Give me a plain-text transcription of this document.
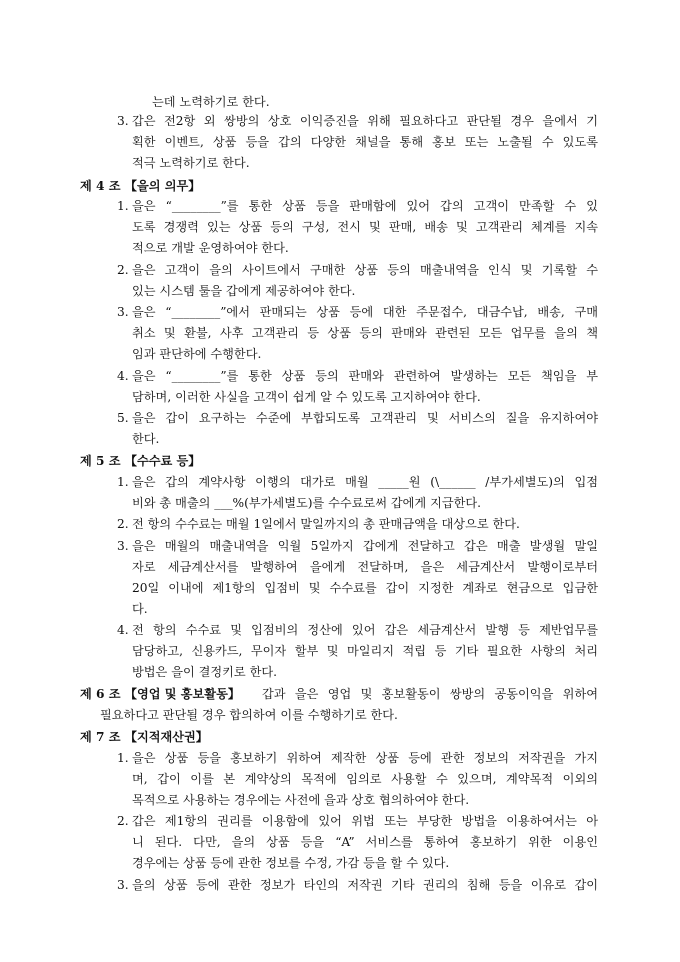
는데 노력하기로 한다.
3. 갑은 전2항 외 쌍방의 상호 이익증진을 위해 필요하다고 판단될 경우 을에서 기
획한 이벤트, 상품 등을 갑의 다양한 채널을 통해 홍보 또는 노출될 수 있도록
적극 노력하기로 한다.
제 4 조 【을의 의무】
1. 을은 “________”를 통한 상품 등을 판매함에 있어 갑의 고객이 만족할 수 있
도록 경쟁력 있는 상품 등의 구성, 전시 및 판매, 배송 및 고객관리 체계를 지속
적으로 개발 운영하여야 한다.
2. 을은 고객이 을의 사이트에서 구매한 상품 등의 매출내역을 인식 및 기록할 수
있는 시스템 툴을 갑에게 제공하여야 한다.
3. 을은 “________”에서 판매되는 상품 등에 대한 주문접수, 대금수납, 배송, 구매
취소 및 환불, 사후 고객관리 등 상품 등의 판매와 관련된 모든 업무를 을의 책
임과 판단하에 수행한다.
4. 을은 “________”를 통한 상품 등의 판매와 관련하여 발생하는 모든 책임을 부
담하며, 이러한 사실을 고객이 쉽게 알 수 있도록 고지하여야 한다.
5. 을은 갑이 요구하는 수준에 부합되도록 고객관리 및 서비스의 질을 유지하여야
한다.
제 5 조 【수수료 등】
1. 을은 갑의 계약사항 이행의 대가로 매월 _____원 (\______ /부가세별도)의 입점
비와 총 매출의 ___%(부가세별도)를 수수료로써 갑에게 지급한다.
2. 전 항의 수수료는 매월 1일에서 말일까지의 총 판매금액을 대상으로 한다.
3. 을은 매월의 매출내역을 익월 5일까지 갑에게 전달하고 갑은 매출 발생월 말일
자로 세금계산서를 발행하여 을에게 전달하며, 을은 세금계산서 발행이로부터
20일 이내에 제1항의 입점비 및 수수료를 갑이 지정한 계좌로 현금으로 입금한
다.
4. 전 항의 수수료 및 입점비의 정산에 있어 갑은 세금계산서 발행 등 제반업무를
담당하고, 신용카드, 무이자 할부 및 마일리지 적립 등 기타 필요한 사항의 처리
방법은 을이 결정키로 한다.
제 6 조 【영업 및 홍보활동】 갑과 을은 영업 및 홍보활동이 쌍방의 공동이익을 위하여
필요하다고 판단될 경우 합의하여 이를 수행하기로 한다.
제 7 조 【지적재산권】
1. 을은 상품 등을 홍보하기 위하여 제작한 상품 등에 관한 정보의 저작권을 가지
며, 갑이 이를 본 계약상의 목적에 임의로 사용할 수 있으며, 계약목적 이외의
목적으로 사용하는 경우에는 사전에 을과 상호 협의하여야 한다.
2. 갑은 제1항의 권리를 이용함에 있어 위법 또는 부당한 방법을 이용하여서는 아
니 된다. 다만, 을의 상품 등을 “A” 서비스를 통하여 홍보하기 위한 이용인
경우에는 상품 등에 관한 정보를 수정, 가감 등을 할 수 있다.
3. 을의 상품 등에 관한 정보가 타인의 저작권 기타 권리의 침해 등을 이유로 갑이
